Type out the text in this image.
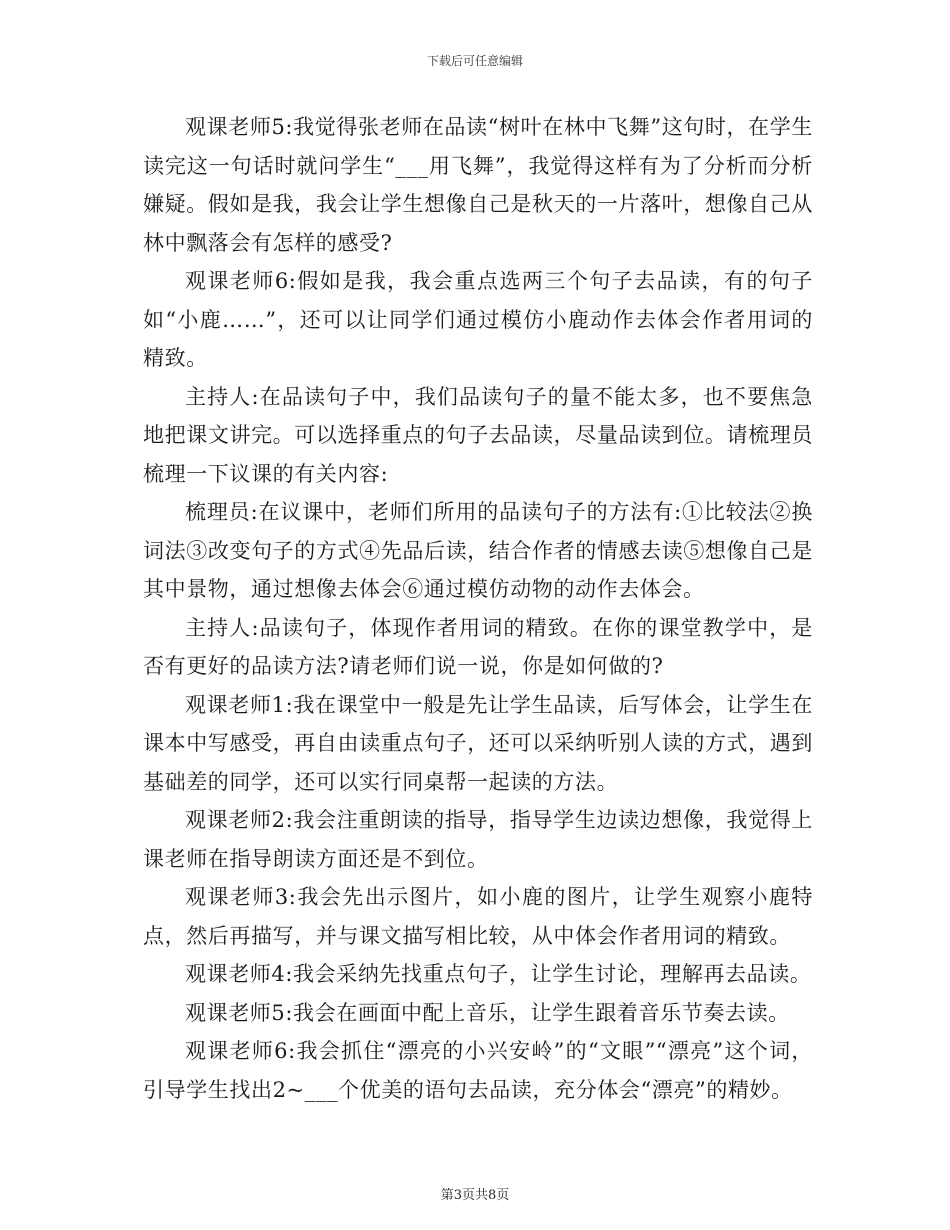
下载后可任意编辑

观课老师5:我觉得张老师在品读“树叶在林中飞舞”这句时，在学生读完这一句话时就问学生“___用飞舞”，我觉得这样有为了分析而分析嫌疑。假如是我，我会让学生想像自己是秋天的一片落叶，想像自己从林中飘落会有怎样的感受?

观课老师6:假如是我，我会重点选两三个句子去品读，有的句子如“小鹿……”，还可以让同学们通过模仿小鹿动作去体会作者用词的精致。

主持人:在品读句子中，我们品读句子的量不能太多，也不要焦急地把课文讲完。可以选择重点的句子去品读，尽量品读到位。请梳理员梳理一下议课的有关内容:

梳理员:在议课中，老师们所用的品读句子的方法有:①比较法②换词法③改变句子的方式④先品后读，结合作者的情感去读⑤想像自己是其中景物，通过想像去体会⑥通过模仿动物的动作去体会。

主持人:品读句子，体现作者用词的精致。在你的课堂教学中，是否有更好的品读方法?请老师们说一说，你是如何做的?

观课老师1:我在课堂中一般是先让学生品读，后写体会，让学生在课本中写感受，再自由读重点句子，还可以采纳听别人读的方式，遇到基础差的同学，还可以实行同桌帮一起读的方法。

观课老师2:我会注重朗读的指导，指导学生边读边想像，我觉得上课老师在指导朗读方面还是不到位。

观课老师3:我会先出示图片，如小鹿的图片，让学生观察小鹿特点，然后再描写，并与课文描写相比较，从中体会作者用词的精致。

观课老师4:我会采纳先找重点句子，让学生讨论，理解再去品读。

观课老师5:我会在画面中配上音乐，让学生跟着音乐节奏去读。

观课老师6:我会抓住“漂亮的小兴安岭”的“文眼”“漂亮”这个词，引导学生找出2~___个优美的语句去品读，充分体会“漂亮”的精妙。

第3页共8页
